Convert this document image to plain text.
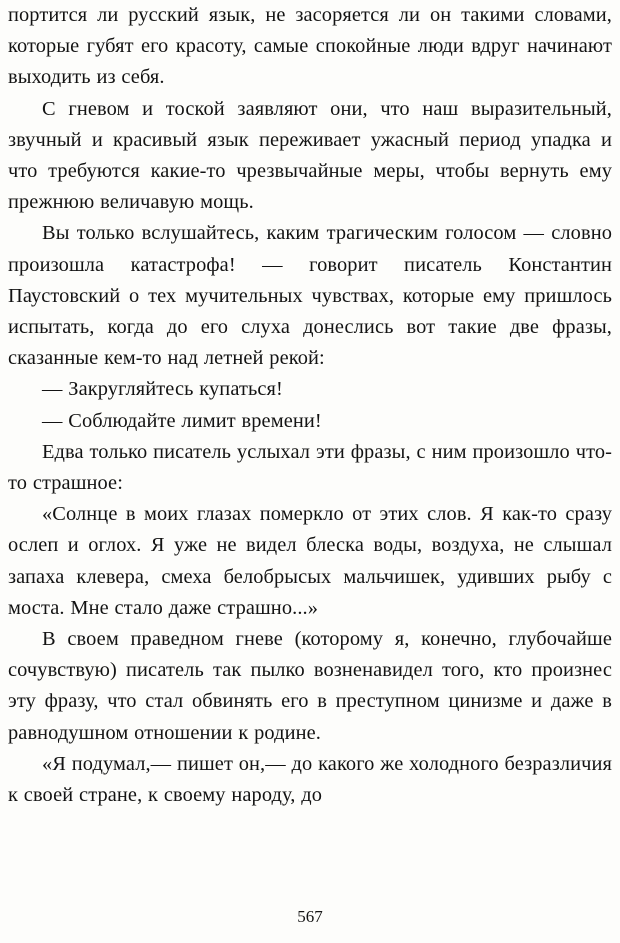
портится ли русский язык, не засоряется ли он такими словами, которые губят его красоту, самые спокойные люди вдруг начинают выходить из себя.

С гневом и тоской заявляют они, что наш выразительный, звучный и красивый язык переживает ужасный период упадка и что требуются какие-то чрезвычайные меры, чтобы вернуть ему прежнюю величавую мощь.

Вы только вслушайтесь, каким трагическим голосом — словно произошла катастрофа! — говорит писатель Константин Паустовский о тех мучительных чувствах, которые ему пришлось испытать, когда до его слуха донеслись вот такие две фразы, сказанные кем-то над летней рекой:

— Закругляйтесь купаться!

— Соблюдайте лимит времени!

Едва только писатель услыхал эти фразы, с ним произошло что-то страшное:

«Солнце в моих глазах померкло от этих слов. Я как-то сразу ослеп и оглох. Я уже не видел блеска воды, воздуха, не слышал запаха клевера, смеха белобрысых мальчишек, удивших рыбу с моста. Мне стало даже страшно...»

В своем праведном гневе (которому я, конечно, глубочайше сочувствую) писатель так пылко возненавидел того, кто произнес эту фразу, что стал обвинять его в преступном цинизме и даже в равнодушном отношении к родине.

«Я подумал,— пишет он,— до какого же холодного безразличия к своей стране, к своему народу, до

567
